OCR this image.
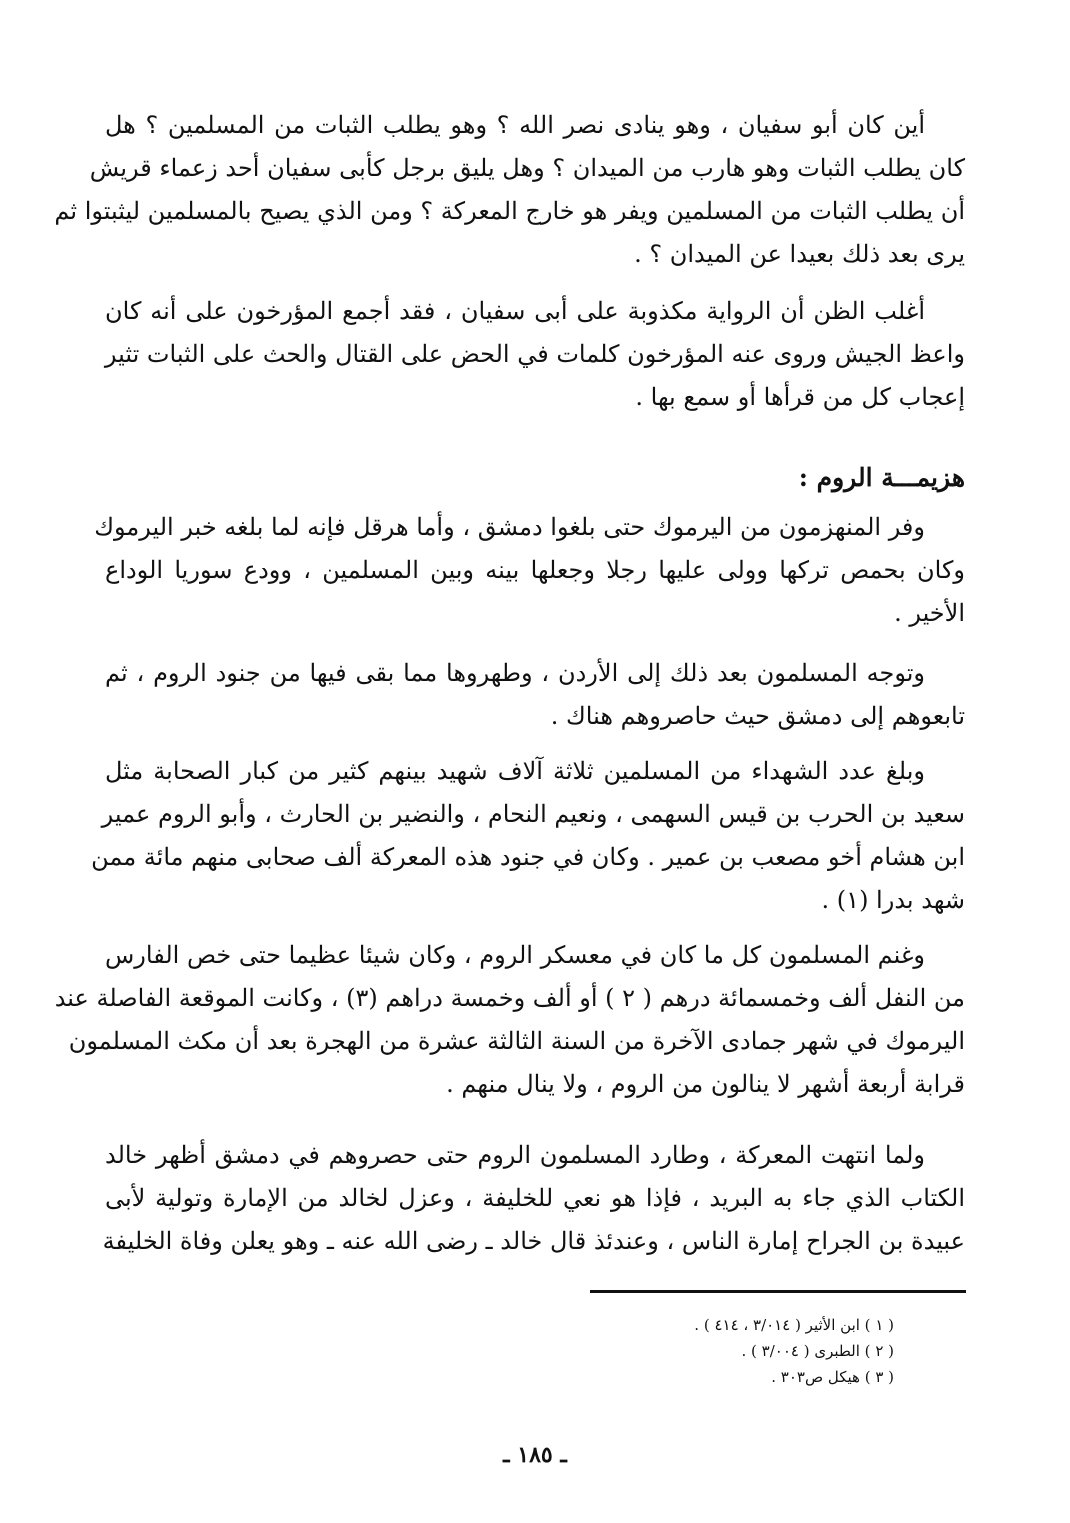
أين كان أبو سفيان ، وهو ينادى نصر الله ؟ وهو يطلب الثبات من المسلمين ؟ هل
كان يطلب الثبات وهو هارب من الميدان ؟ وهل يليق برجل كأبى سفيان أحد زعماء قريش
أن يطلب الثبات من المسلمين ويفر هو خارج المعركة ؟ ومن الذي يصيح بالمسلمين ليثبتوا ثم
يرى بعد ذلك بعيدا عن الميدان ؟ .
أغلب الظن أن الرواية مكذوبة على أبى سفيان ، فقد أجمع المؤرخون على أنه كان
واعظ الجيش وروى عنه المؤرخون كلمات في الحض على القتال والحث على الثبات تثير
إعجاب كل من قرأها أو سمع بها .
هزيمـــة الروم :
وفر المنهزمون من اليرموك حتى بلغوا دمشق ، وأما هرقل فإنه لما بلغه خبر اليرموك
وكان بحمص تركها وولى عليها رجلا وجعلها بينه وبين المسلمين ، وودع سوريا الوداع
الأخير .
وتوجه المسلمون بعد ذلك إلى الأردن ، وطهروها مما بقى فيها من جنود الروم ، ثم
تابعوهم إلى دمشق حيث حاصروهم هناك .
وبلغ عدد الشهداء من المسلمين ثلاثة آلاف شهيد بينهم كثير من كبار الصحابة مثل
سعيد بن الحرب بن قيس السهمى ، ونعيم النحام ، والنضير بن الحارث ، وأبو الروم عمير
ابن هشام أخو مصعب بن عمير . وكان في جنود هذه المعركة ألف صحابى منهم مائة ممن
شهد بدرا (١) .
وغنم المسلمون كل ما كان في معسكر الروم ، وكان شيئا عظيما حتى خص الفارس
من النفل ألف وخمسمائة درهم ( ٢ ) أو ألف وخمسة دراهم (٣) ، وكانت الموقعة الفاصلة عند
اليرموك في شهر جمادى الآخرة من السنة الثالثة عشرة من الهجرة بعد أن مكث المسلمون
قرابة أربعة أشهر لا ينالون من الروم ، ولا ينال منهم .
ولما انتهت المعركة ، وطارد المسلمون الروم حتى حصروهم في دمشق أظهر خالد
الكتاب الذي جاء به البريد ، فإذا هو نعي للخليفة ، وعزل لخالد من الإمارة وتولية لأبى
عبيدة بن الجراح إمارة الناس ، وعندئذ قال خالد ـ رضى الله عنه ـ وهو يعلن وفاة الخليفة
( ١ ) ابن الأثير ( ٣/٠١٤ ، ٤١٤ ) .
( ٢ ) الطبرى ( ٣/٠٠٤ ) .
( ٣ ) هيكل ص٣٠٣ .
ـ ١٨٥ ـ
